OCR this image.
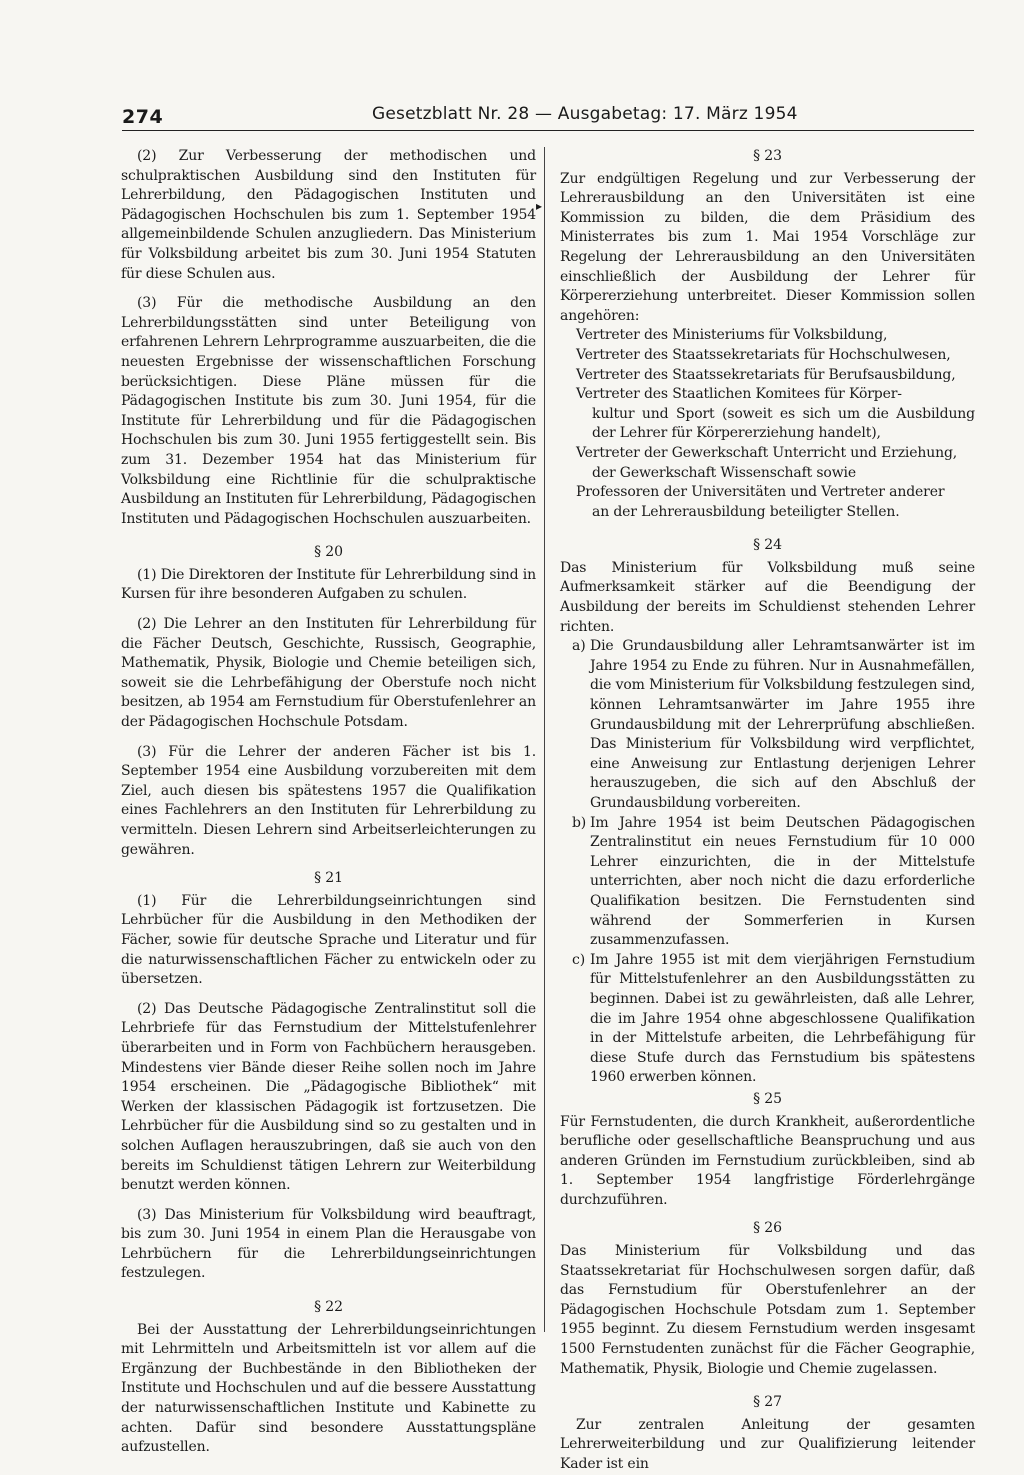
274	Gesetzblatt Nr. 28 — Ausgabetag: 17. März 1954
▸

(2) Zur Verbesserung der methodischen und schulpraktischen Ausbildung sind den Instituten für Lehrerbildung, den Pädagogischen Instituten und Pädagogischen Hochschulen bis zum 1. September 1954 allgemeinbildende Schulen anzugliedern. Das Ministerium für Volksbildung arbeitet bis zum 30. Juni 1954 Statuten für diese Schulen aus.

(3) Für die methodische Ausbildung an den Lehrerbildungsstätten sind unter Beteiligung von erfahrenen Lehrern Lehrprogramme auszuarbeiten, die die neuesten Ergebnisse der wissenschaftlichen Forschung berücksichtigen. Diese Pläne müssen für die Pädagogischen Institute bis zum 30. Juni 1954, für die Institute für Lehrerbildung und für die Pädagogischen Hochschulen bis zum 30. Juni 1955 fertiggestellt sein. Bis zum 31. Dezember 1954 hat das Ministerium für Volksbildung eine Richtlinie für die schulpraktische Ausbildung an Instituten für Lehrerbildung, Pädagogischen Instituten und Pädagogischen Hochschulen auszuarbeiten.

§ 20

(1) Die Direktoren der Institute für Lehrerbildung sind in Kursen für ihre besonderen Aufgaben zu schulen.

(2) Die Lehrer an den Instituten für Lehrerbildung für die Fächer Deutsch, Geschichte, Russisch, Geographie, Mathematik, Physik, Biologie und Chemie beteiligen sich, soweit sie die Lehrbefähigung der Oberstufe noch nicht besitzen, ab 1954 am Fernstudium für Oberstufenlehrer an der Pädagogischen Hochschule Potsdam.

(3) Für die Lehrer der anderen Fächer ist bis 1. September 1954 eine Ausbildung vorzubereiten mit dem Ziel, auch diesen bis spätestens 1957 die Qualifikation eines Fachlehrers an den Instituten für Lehrerbildung zu vermitteln. Diesen Lehrern sind Arbeitserleichterungen zu gewähren.

§ 21

(1) Für die Lehrerbildungseinrichtungen sind Lehrbücher für die Ausbildung in den Methodiken der Fächer, sowie für deutsche Sprache und Literatur und für die naturwissenschaftlichen Fächer zu entwickeln oder zu übersetzen.

(2) Das Deutsche Pädagogische Zentralinstitut soll die Lehrbriefe für das Fernstudium der Mittelstufenlehrer überarbeiten und in Form von Fachbüchern herausgeben. Mindestens vier Bände dieser Reihe sollen noch im Jahre 1954 erscheinen. Die „Pädagogische Bibliothek“ mit Werken der klassischen Pädagogik ist fortzusetzen. Die Lehrbücher für die Ausbildung sind so zu gestalten und in solchen Auflagen herauszubringen, daß sie auch von den bereits im Schuldienst tätigen Lehrern zur Weiterbildung benutzt werden können.

(3) Das Ministerium für Volksbildung wird beauftragt, bis zum 30. Juni 1954 in einem Plan die Herausgabe von Lehrbüchern für die Lehrerbildungseinrichtungen festzulegen.

§ 22

Bei der Ausstattung der Lehrerbildungseinrichtungen mit Lehrmitteln und Arbeitsmitteln ist vor allem auf die Ergänzung der Buchbestände in den Bibliotheken der Institute und Hochschulen und auf die bessere Ausstattung der naturwissenschaftlichen Institute und Kabinette zu achten. Dafür sind besondere Ausstattungspläne aufzustellen.

§ 23

Zur endgültigen Regelung und zur Verbesserung der Lehrerausbildung an den Universitäten ist eine Kommission zu bilden, die dem Präsidium des Ministerrates bis zum 1. Mai 1954 Vorschläge zur Regelung der Lehrerausbildung an den Universitäten einschließlich der Ausbildung der Lehrer für Körpererziehung unterbreitet. Dieser Kommission sollen angehören:

Vertreter des Ministeriums für Volksbildung,
Vertreter des Staatssekretariats für Hochschulwesen,
Vertreter des Staatssekretariats für Berufsausbildung,
Vertreter des Staatlichen Komitees für Körper-
kultur und Sport (soweit es sich um die Ausbildung der Lehrer für Körpererziehung handelt),
Vertreter der Gewerkschaft Unterricht und Erziehung,
der Gewerkschaft Wissenschaft sowie
Professoren der Universitäten und Vertreter anderer
an der Lehrerausbildung beteiligter Stellen.
§ 24

Das Ministerium für Volksbildung muß seine Aufmerksamkeit stärker auf die Beendigung der Ausbildung der bereits im Schuldienst stehenden Lehrer richten.

a) Die Grundausbildung aller Lehramtsanwärter ist im Jahre 1954 zu Ende zu führen. Nur in Ausnahmefällen, die vom Ministerium für Volksbildung festzulegen sind, können Lehramtsanwärter im Jahre 1955 ihre Grundausbildung mit der Lehrerprüfung abschließen. Das Ministerium für Volksbildung wird verpflichtet, eine Anweisung zur Entlastung derjenigen Lehrer herauszugeben, die sich auf den Abschluß der Grundausbildung vorbereiten.
b) Im Jahre 1954 ist beim Deutschen Pädagogischen Zentralinstitut ein neues Fernstudium für 10 000 Lehrer einzurichten, die in der Mittelstufe unterrichten, aber noch nicht die dazu erforderliche Qualifikation besitzen. Die Fernstudenten sind während der Sommerferien in Kursen zusammenzufassen.
c) Im Jahre 1955 ist mit dem vierjährigen Fernstudium für Mittelstufenlehrer an den Ausbildungsstätten zu beginnen. Dabei ist zu gewährleisten, daß alle Lehrer, die im Jahre 1954 ohne abgeschlossene Qualifikation in der Mittelstufe arbeiten, die Lehrbefähigung für diese Stufe durch das Fernstudium bis spätestens 1960 erwerben können.
§ 25

Für Fernstudenten, die durch Krankheit, außerordentliche berufliche oder gesellschaftliche Beanspruchung und aus anderen Gründen im Fernstudium zurückbleiben, sind ab 1. September 1954 langfristige Förderlehrgänge durchzuführen.

§ 26

Das Ministerium für Volksbildung und das Staatssekretariat für Hochschulwesen sorgen dafür, daß das Fernstudium für Oberstufenlehrer an der Pädagogischen Hochschule Potsdam zum 1. September 1955 beginnt. Zu diesem Fernstudium werden insgesamt 1500 Fernstudenten zunächst für die Fächer Geographie, Mathematik, Physik, Biologie und Chemie zugelassen.

§ 27

Zur zentralen Anleitung der gesamten Lehrerweiterbildung und zur Qualifizierung leitender Kader ist ein
